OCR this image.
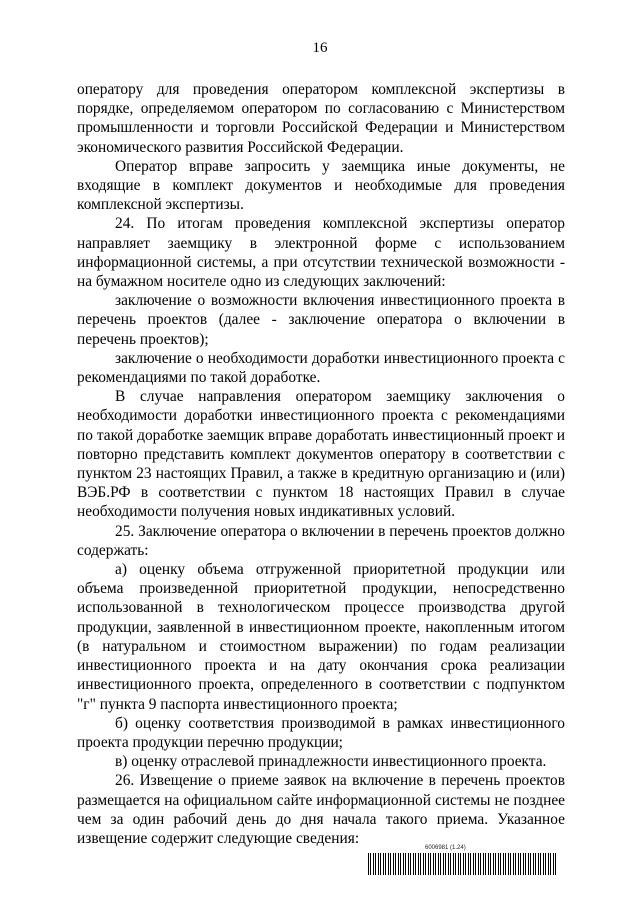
16

оператору для проведения оператором комплексной экспертизы в порядке, определяемом оператором по согласованию с Министерством промышленности и торговли Российской Федерации и Министерством экономического развития Российской Федерации.

Оператор вправе запросить у заемщика иные документы, не входящие в комплект документов и необходимые для проведения комплексной экспертизы.

24. По итогам проведения комплексной экспертизы оператор направляет заемщику в электронной форме с использованием информационной системы, а при отсутствии технической возможности - на бумажном носителе одно из следующих заключений:

заключение о возможности включения инвестиционного проекта в перечень проектов (далее - заключение оператора о включении в перечень проектов);

заключение о необходимости доработки инвестиционного проекта с рекомендациями по такой доработке.

В случае направления оператором заемщику заключения о необходимости доработки инвестиционного проекта с рекомендациями по такой доработке заемщик вправе доработать инвестиционный проект и повторно представить комплект документов оператору в соответствии с пунктом 23 настоящих Правил, а также в кредитную организацию и (или) ВЭБ.РФ в соответствии с пунктом 18 настоящих Правил в случае необходимости получения новых индикативных условий.

25. Заключение оператора о включении в перечень проектов должно содержать:

а) оценку объема отгруженной приоритетной продукции или объема произведенной приоритетной продукции, непосредственно использованной в технологическом процессе производства другой продукции, заявленной в инвестиционном проекте, накопленным итогом (в натуральном и стоимостном выражении) по годам реализации инвестиционного проекта и на дату окончания срока реализации инвестиционного проекта, определенного в соответствии с подпунктом "г" пункта 9 паспорта инвестиционного проекта;

б) оценку соответствия производимой в рамках инвестиционного проекта продукции перечню продукции;

в) оценку отраслевой принадлежности инвестиционного проекта.

26. Извещение о приеме заявок на включение в перечень проектов размещается на официальном сайте информационной системы не позднее чем за один рабочий день до дня начала такого приема. Указанное извещение содержит следующие сведения:

6006981 (1.24)
